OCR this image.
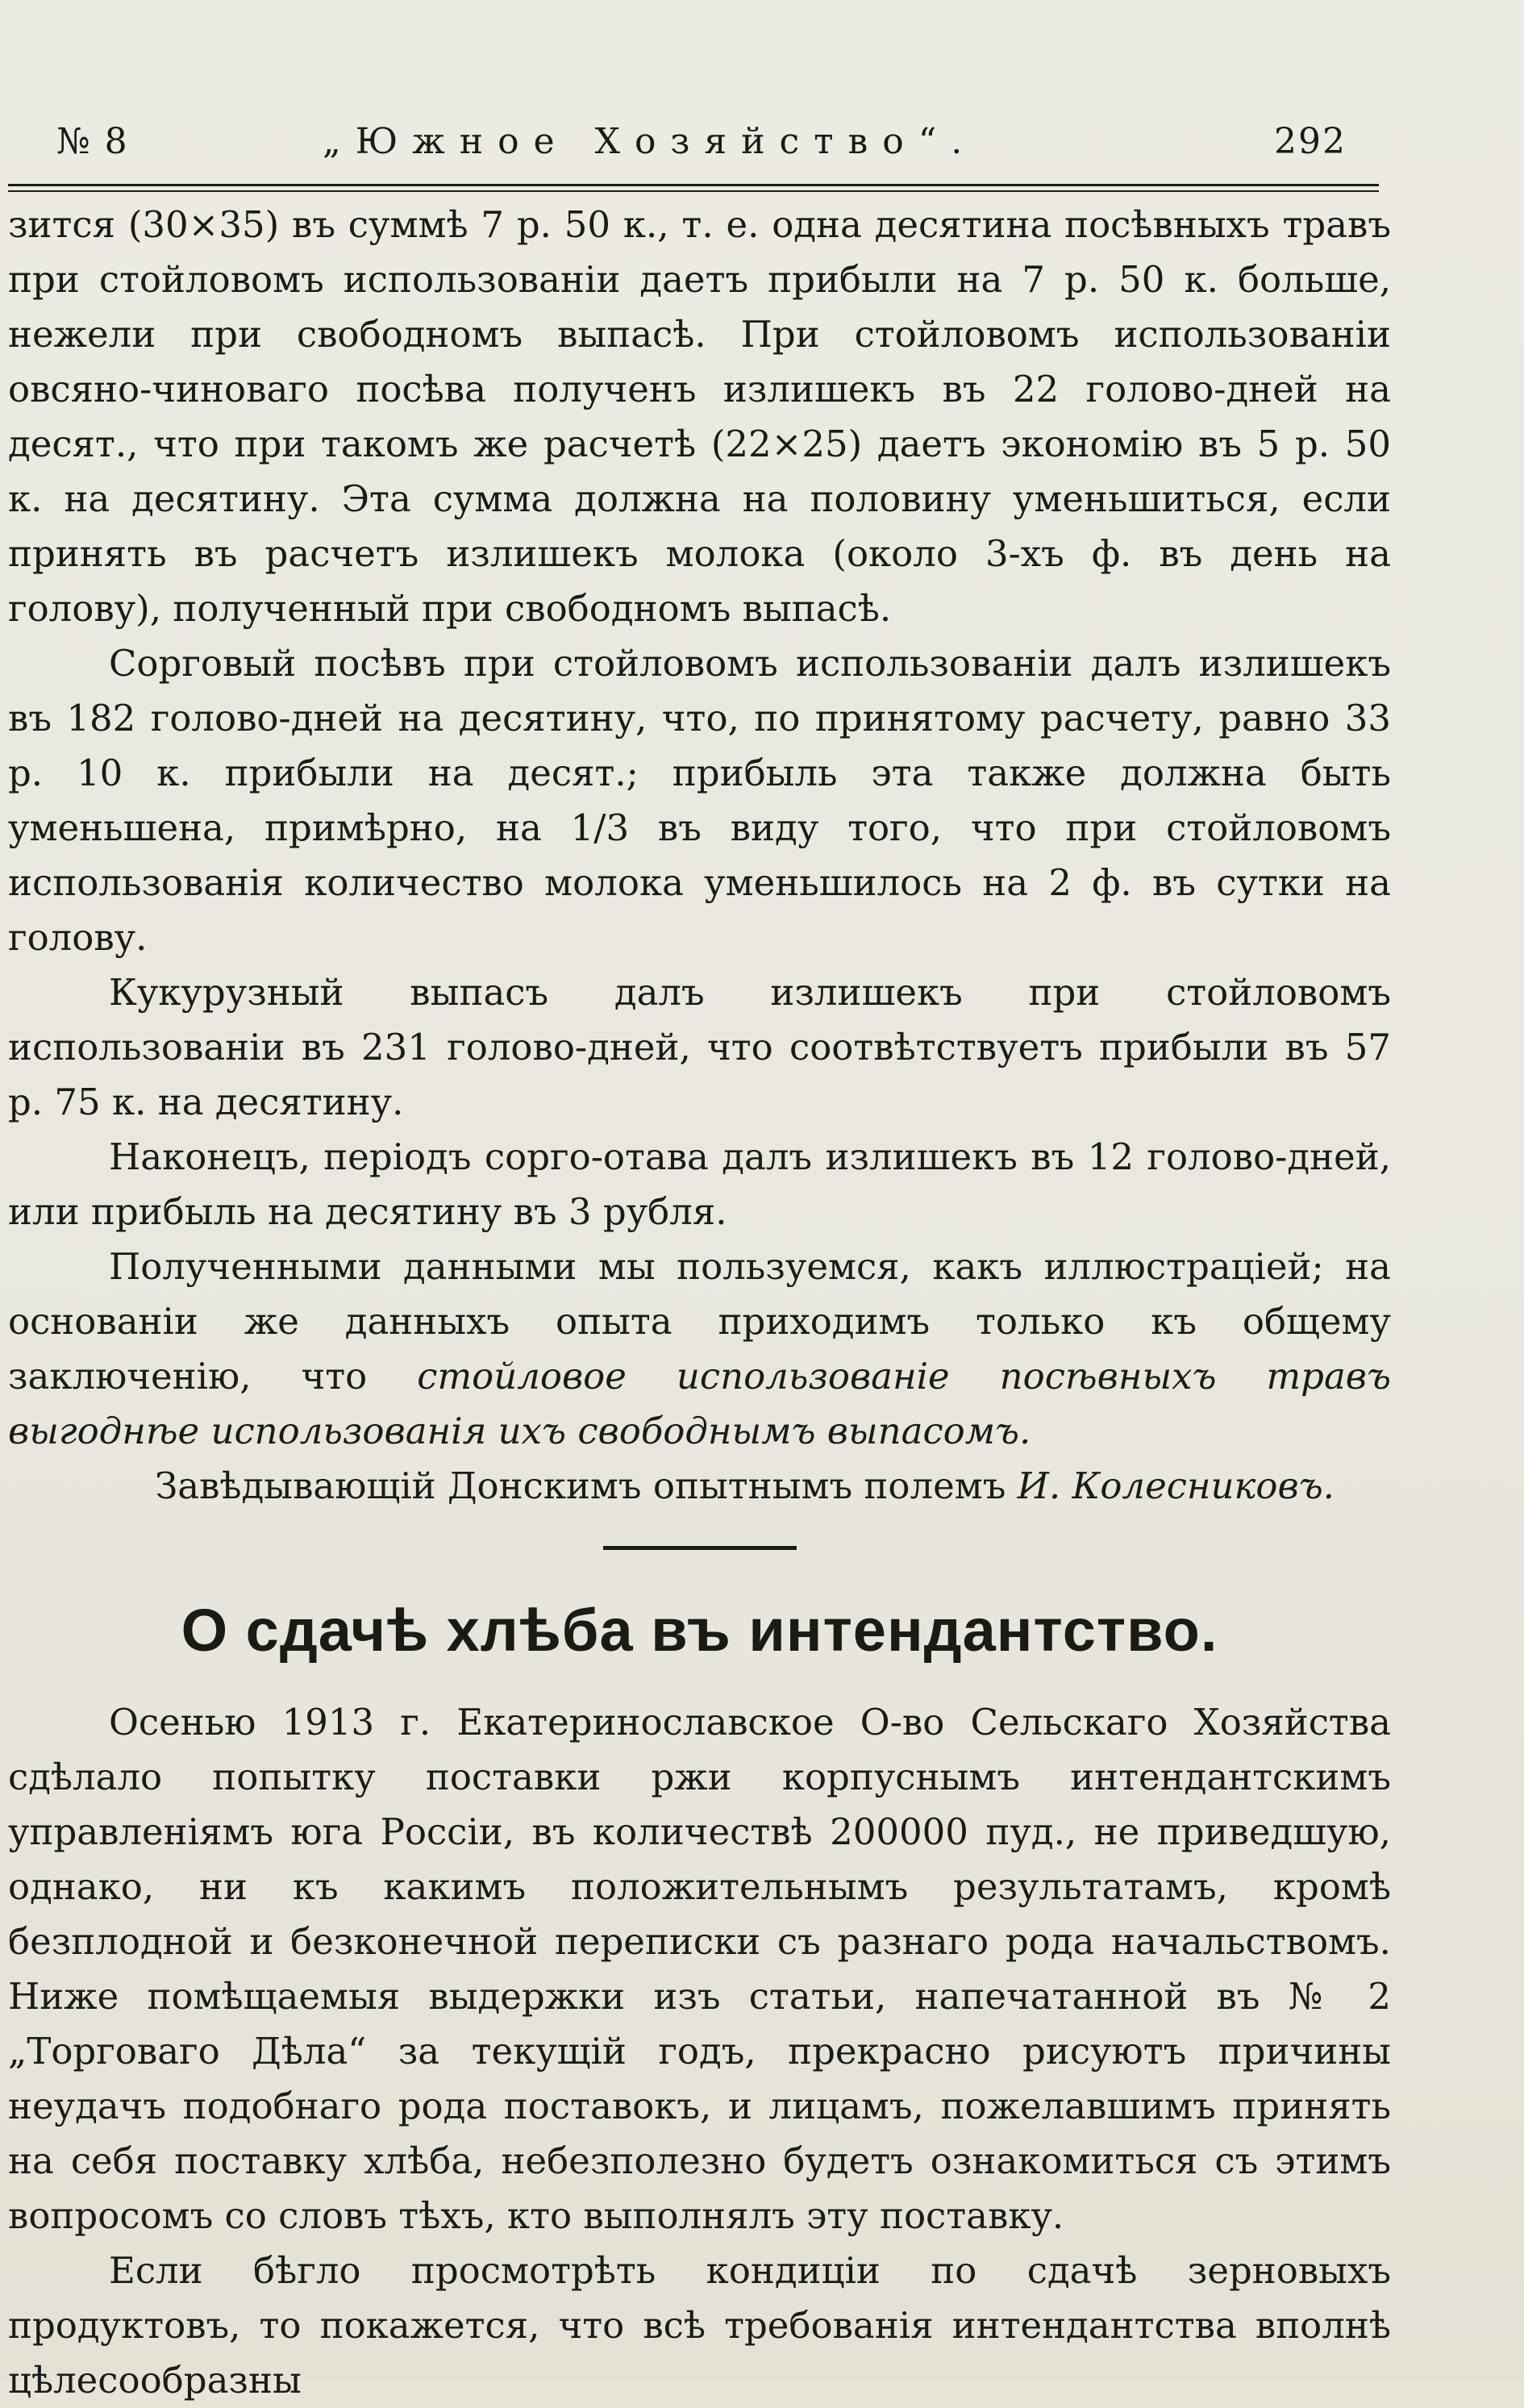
№ 8	„Южное Хозяйство“.	292

зится (30×35) въ суммѣ 7 р. 50 к., т. е. одна десятина посѣвныхъ травъ при стойловомъ использованіи даетъ прибыли на 7 р. 50 к. больше, нежели при свободномъ выпасѣ. При стойловомъ использованіи овсяно-чиноваго посѣва полученъ излишекъ въ 22 голово-дней на десят., что при такомъ же расчетѣ (22×25) даетъ экономію въ 5 р. 50 к. на десятину. Эта сумма должна на половину уменьшиться, если принять въ расчетъ излишекъ молока (около 3-хъ ф. въ день на голову), полученный при свободномъ выпасѣ.

Сорговый посѣвъ при стойловомъ использованіи далъ излишекъ въ 182 голово-дней на десятину, что, по принятому расчету, равно 33 р. 10 к. прибыли на десят.; прибыль эта также должна быть уменьшена, примѣрно, на 1/3 въ виду того, что при стойловомъ использованія количество молока уменьшилось на 2 ф. въ сутки на голову.

Кукурузный выпасъ далъ излишекъ при стойловомъ использованіи въ 231 голово-дней, что соотвѣтствуетъ прибыли въ 57 р. 75 к. на десятину.

Наконецъ, періодъ сорго-отава далъ излишекъ въ 12 голово-дней, или прибыль на десятину въ 3 рубля.

Полученными данными мы пользуемся, какъ иллюстраціей; на основаніи же данныхъ опыта приходимъ только къ общему заключенію, что стойловое использованіе посѣвныхъ травъ выгоднѣе использованія ихъ свободнымъ выпасомъ.

Завѣдывающій Донскимъ опытнымъ полемъ И. Колесниковъ.

О сдачѣ хлѣба въ интендантство.

Осенью 1913 г. Екатеринославское О-во Сельскаго Хозяйства сдѣлало попытку поставки ржи корпуснымъ интендантскимъ управленіямъ юга Россіи, въ количествѣ 200000 пуд., не приведшую, однако, ни къ какимъ положительнымъ результатамъ, кромѣ безплодной и безконечной переписки съ разнаго рода начальствомъ. Ниже помѣщаемыя выдержки изъ статьи, напечатанной въ № 2 „Торговаго Дѣла“ за текущій годъ, прекрасно рисуютъ причины неудачъ подобнаго рода поставокъ, и лицамъ, пожелавшимъ принять на себя поставку хлѣба, небезполезно будетъ ознакомиться съ этимъ вопросомъ со словъ тѣхъ, кто выполнялъ эту поставку.

Если бѣгло просмотрѣть кондиціи по сдачѣ зерновыхъ продуктовъ, то покажется, что всѣ требованія интендантства вполнѣ цѣлесообразны
